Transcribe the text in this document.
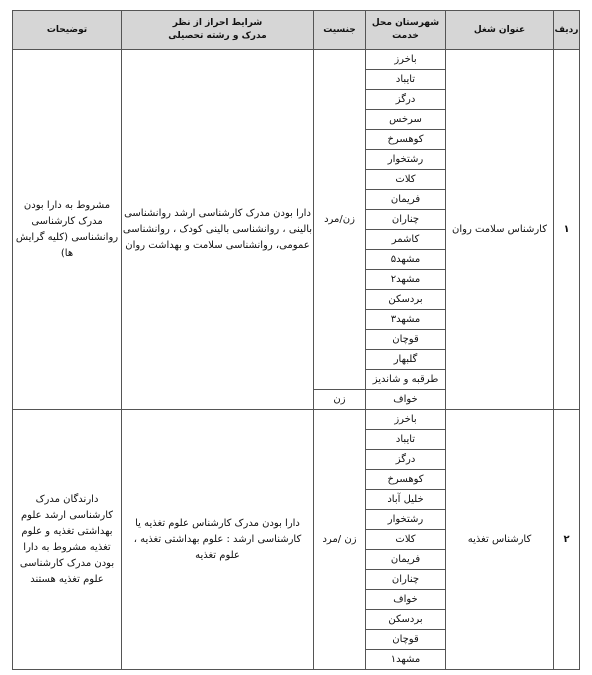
ردیف	عنوان شغل	شهرستان محل خدمت	جنسیت	شرایط احراز از نظر
مدرک و رشته تحصیلی	توضیحات
۱	کارشناس سلامت روان	باخرز	زن/مرد	دارا بودن مدرک کارشناسی ارشد روانشناسی بالینی ، روانشناسی بالینی کودک ، روانشناسی عمومی، روانشناسی سلامت و بهداشت روان	مشروط به دارا بودن مدرک کارشناسی روانشناسی (کلیه گرایش ها)
		تایباد			
		درگز			
		سرخس			
		کوهسرخ			
		رشتخوار			
		کلات			
		فریمان			
		چناران			
		کاشمر			
		مشهد۵			
		مشهد۲			
		بردسکن			
		مشهد۳			
		قوچان			
		گلبهار			
		طرقبه و شاندیز			
		خواف	زن		
۲	کارشناس تغذیه	باخرز	زن /مرد	دارا بودن مدرک کارشناس علوم تغذیه یا کارشناسی ارشد : علوم بهداشتی تغذیه ، علوم تغذیه	دارندگان مدرک کارشناسی ارشد علوم بهداشتی تغذیه و علوم تغذیه مشروط به دارا بودن مدرک کارشناسی علوم تغذیه هستند
		تایباد			
		درگز			
		کوهسرخ			
		خلیل آباد			
		رشتخوار			
		کلات			
		فریمان			
		چناران			
		خواف			
		بردسکن			
		قوچان			
		مشهد۱			
